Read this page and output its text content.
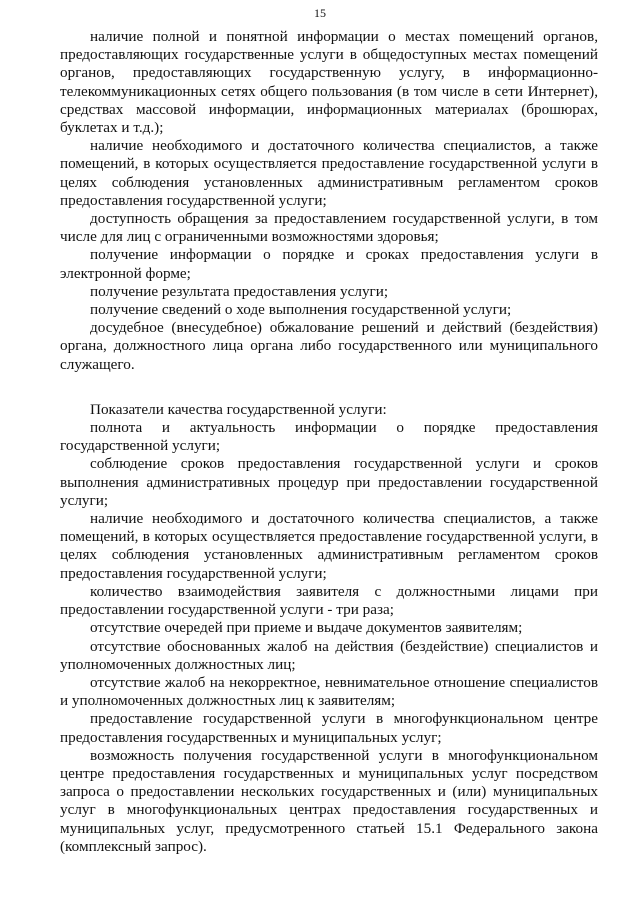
15

наличие полной и понятной информации о местах помещений органов, предоставляющих государственные услуги в общедоступных местах помещений органов, предоставляющих государственную услугу, в информационно-телекоммуникационных сетях общего пользования (в том числе в сети Интернет), средствах массовой информации, информационных материалах (брошюрах, буклетах и т.д.);

наличие необходимого и достаточного количества специалистов, а также помещений, в которых осуществляется предоставление государственной услуги в целях соблюдения установленных административным регламентом сроков предоставления государственной услуги;

доступность обращения за предоставлением государственной услуги, в том числе для лиц с ограниченными возможностями здоровья;

получение информации о порядке и сроках предоставления услуги в электронной форме;

получение результата предоставления услуги;

получение сведений о ходе выполнения государственной услуги;

досудебное (внесудебное) обжалование решений и действий (бездействия) органа, должностного лица органа либо государственного или муниципального служащего.

Показатели качества государственной услуги:

полнота и актуальность информации о порядке предоставления государственной услуги;

соблюдение сроков предоставления государственной услуги и сроков выполнения административных процедур при предоставлении государственной услуги;

наличие необходимого и достаточного количества специалистов, а также помещений, в которых осуществляется предоставление государственной услуги, в целях соблюдения установленных административным регламентом сроков предоставления государственной услуги;

количество взаимодействия заявителя с должностными лицами при предоставлении государственной услуги - три раза;

отсутствие очередей при приеме и выдаче документов заявителям;

отсутствие обоснованных жалоб на действия (бездействие) специалистов и уполномоченных должностных лиц;

отсутствие жалоб на некорректное, невнимательное отношение специалистов и уполномоченных должностных лиц к заявителям;

предоставление государственной услуги в многофункциональном центре предоставления государственных и муниципальных услуг;

возможность получения государственной услуги в многофункциональном центре предоставления государственных и муниципальных услуг посредством запроса о предоставлении нескольких государственных и (или) муниципальных услуг в многофункциональных центрах предоставления государственных и муниципальных услуг, предусмотренного статьей 15.1 Федерального закона (комплексный запрос).
